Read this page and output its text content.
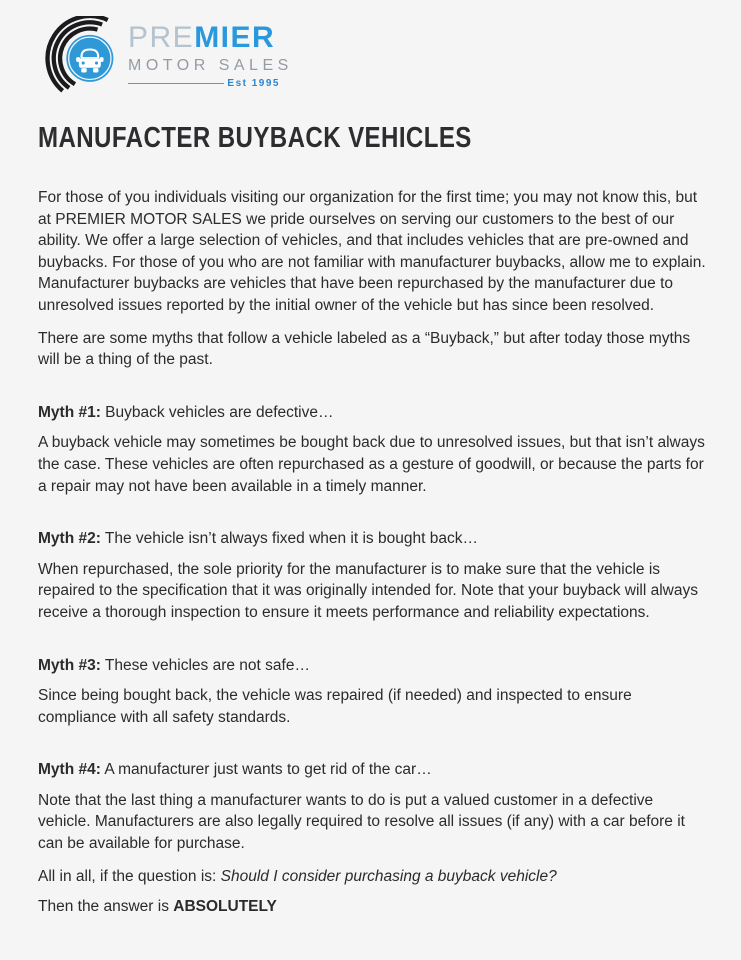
PREMIER
MOTOR SALES
Est 1995
MANUFACTER BUYBACK VEHICLES

For those of you individuals visiting our organization for the first time; you may not know this, but at PREMIER MOTOR SALES we pride ourselves on serving our customers to the best of our ability. We offer a large selection of vehicles, and that includes vehicles that are pre-owned and buybacks. For those of you who are not familiar with manufacturer buybacks, allow me to explain. Manufacturer buybacks are vehicles that have been repurchased by the manufacturer due to unresolved issues reported by the initial owner of the vehicle but has since been resolved.

There are some myths that follow a vehicle labeled as a “Buyback,” but after today those myths will be a thing of the past.

Myth #1: Buyback vehicles are defective…

A buyback vehicle may sometimes be bought back due to unresolved issues, but that isn’t always the case. These vehicles are often repurchased as a gesture of goodwill, or because the parts for a repair may not have been available in a timely manner.

Myth #2: The vehicle isn’t always fixed when it is bought back…

When repurchased, the sole priority for the manufacturer is to make sure that the vehicle is repaired to the specification that it was originally intended for. Note that your buyback will always receive a thorough inspection to ensure it meets performance and reliability expectations.

Myth #3: These vehicles are not safe…

Since being bought back, the vehicle was repaired (if needed) and inspected to ensure compliance with all safety standards.

Myth #4: A manufacturer just wants to get rid of the car…

Note that the last thing a manufacturer wants to do is put a valued customer in a defective vehicle. Manufacturers are also legally required to resolve all issues (if any) with a car before it can be available for purchase.

All in all, if the question is: Should I consider purchasing a buyback vehicle?

Then the answer is ABSOLUTELY
